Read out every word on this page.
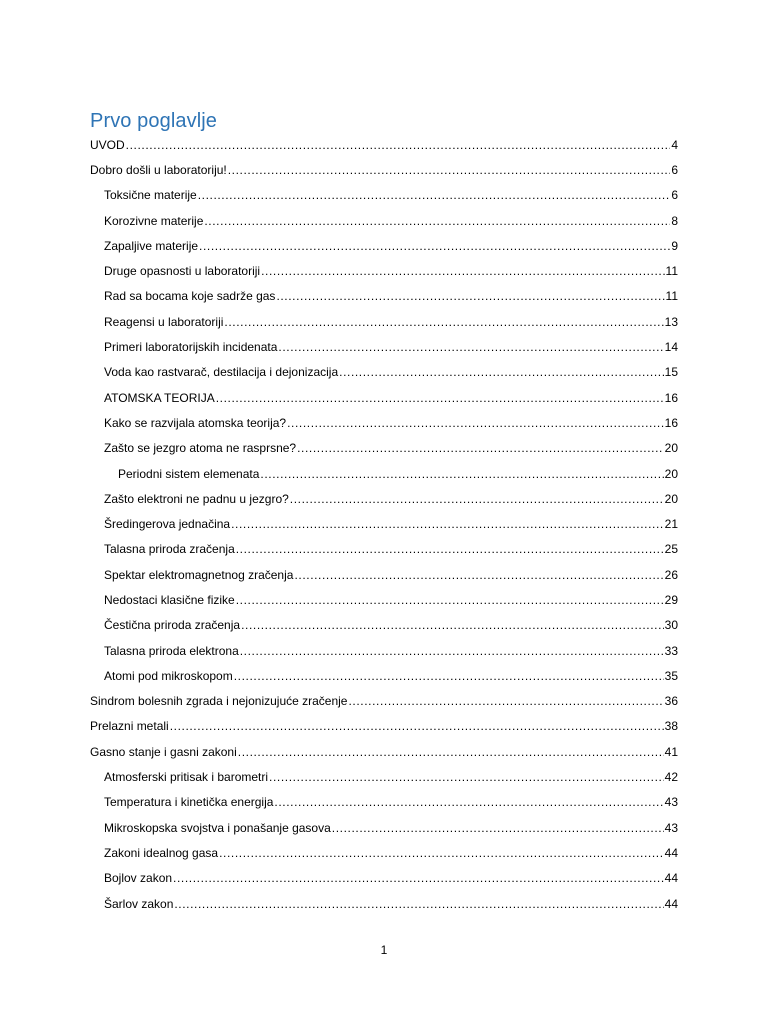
Prvo poglavlje
UVOD .....	4
Dobro došli u laboratoriju! .....	6
Toksične materije .....	6
Korozivne materije .....	8
Zapaljive materije .....	9
Druge opasnosti u laboratoriji .....	11
Rad sa bocama koje sadrže gas .....	11
Reagensi u laboratoriji .....	13
Primeri laboratorijskih incidenata .....	14
Voda kao rastvarač, destilacija i dejonizacija .....	15
ATOMSKA TEORIJA .....	16
Kako se razvijala atomska teorija? .....	16
Zašto se jezgro atoma ne rasprsne? .....	20
Periodni sistem elemenata .....	20
Zašto elektroni ne padnu u jezgro? .....	20
Šredingerova jednačina .....	21
Talasna priroda zračenja .....	25
Spektar elektromagnetnog zračenja .....	26
Nedostaci klasične fizike .....	29
Čestična priroda zračenja .....	30
Talasna priroda elektrona .....	33
Atomi pod mikroskopom .....	35
Sindrom bolesnih zgrada i nejonizujuće zračenje .....	36
Prelazni metali .....	38
Gasno stanje i gasni zakoni .....	41
Atmosferski pritisak i barometri .....	42
Temperatura i kinetička energija .....	43
Mikroskopska svojstva i ponašanje gasova .....	43
Zakoni idealnog gasa .....	44
Bojlov zakon .....	44
Šarlov zakon .....	44
1
